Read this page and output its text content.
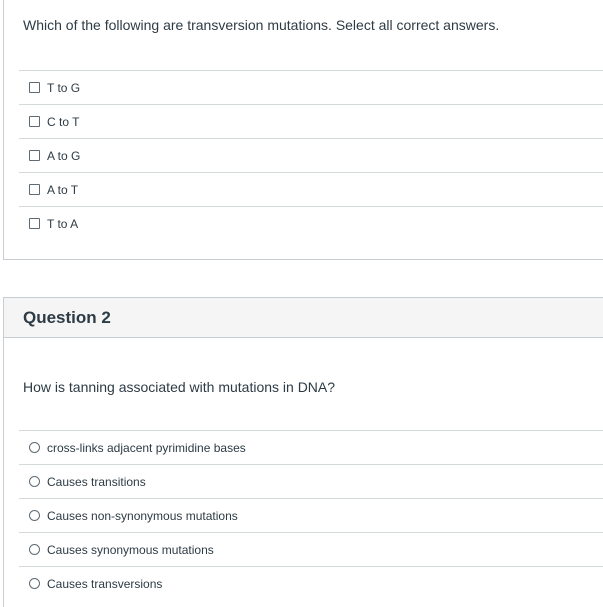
Which of the following are transversion mutations. Select all correct answers.
T to G
C to T
A to G
A to T
T to A
Question 2
How is tanning associated with mutations in DNA?
cross-links adjacent pyrimidine bases
Causes transitions
Causes non-synonymous mutations
Causes synonymous mutations
Causes transversions
